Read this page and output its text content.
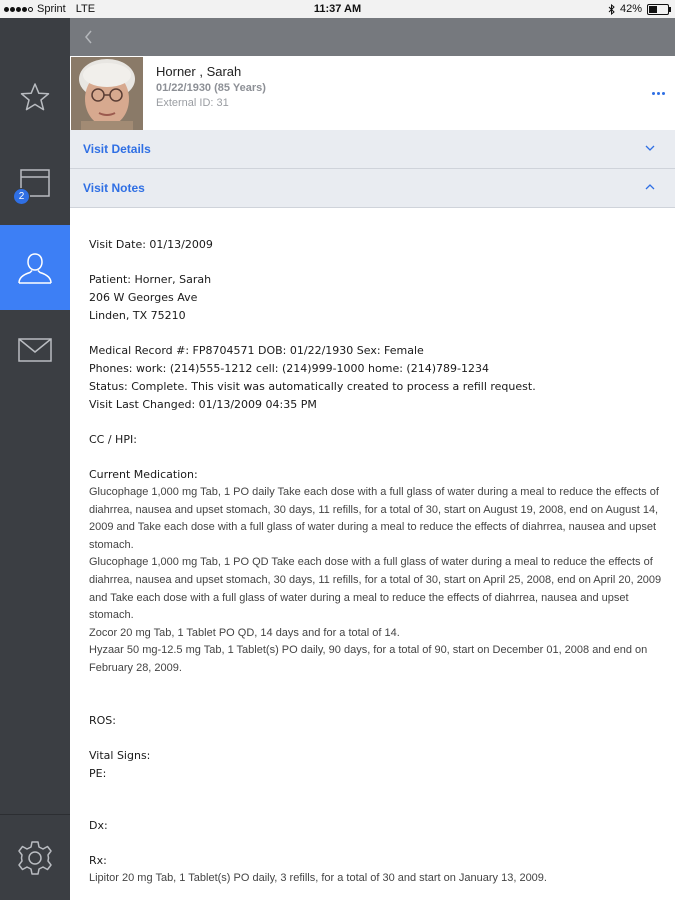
Sprint LTE	11:37 AM	42%
2
Horner , Sarah
01/22/1930 (85 Years)
External ID: 31
Visit Details
Visit Notes
Visit Date: 01/13/2009
Patient: Horner, Sarah
206 W Georges Ave
Linden, TX 75210
Medical Record #: FP8704571 DOB: 01/22/1930 Sex: Female
Phones: work: (214)555-1212 cell: (214)999-1000 home: (214)789-1234
Status: Complete. This visit was automatically created to process a refill request.
Visit Last Changed: 01/13/2009 04:35 PM
CC / HPI:
Current Medication:
Glucophage 1,000 mg Tab, 1 PO daily Take each dose with a full glass of water during a meal to reduce the effects of diahrrea, nausea and upset stomach, 30 days, 11 refills, for a total of 30, start on August 19, 2008, end on August 14, 2009 and Take each dose with a full glass of water during a meal to reduce the effects of diahrrea, nausea and upset stomach.
Glucophage 1,000 mg Tab, 1 PO QD Take each dose with a full glass of water during a meal to reduce the effects of diahrrea, nausea and upset stomach, 30 days, 11 refills, for a total of 30, start on April 25, 2008, end on April 20, 2009 and Take each dose with a full glass of water during a meal to reduce the effects of diahrrea, nausea and upset stomach.
Zocor 20 mg Tab, 1 Tablet PO QD, 14 days and for a total of 14.
Hyzaar 50 mg-12.5 mg Tab, 1 Tablet(s) PO daily, 90 days, for a total of 90, start on December 01, 2008 and end on February 28, 2009.
ROS:
Vital Signs:
PE:
Dx:
Rx:
Lipitor 20 mg Tab, 1 Tablet(s) PO daily, 3 refills, for a total of 30 and start on January 13, 2009.
